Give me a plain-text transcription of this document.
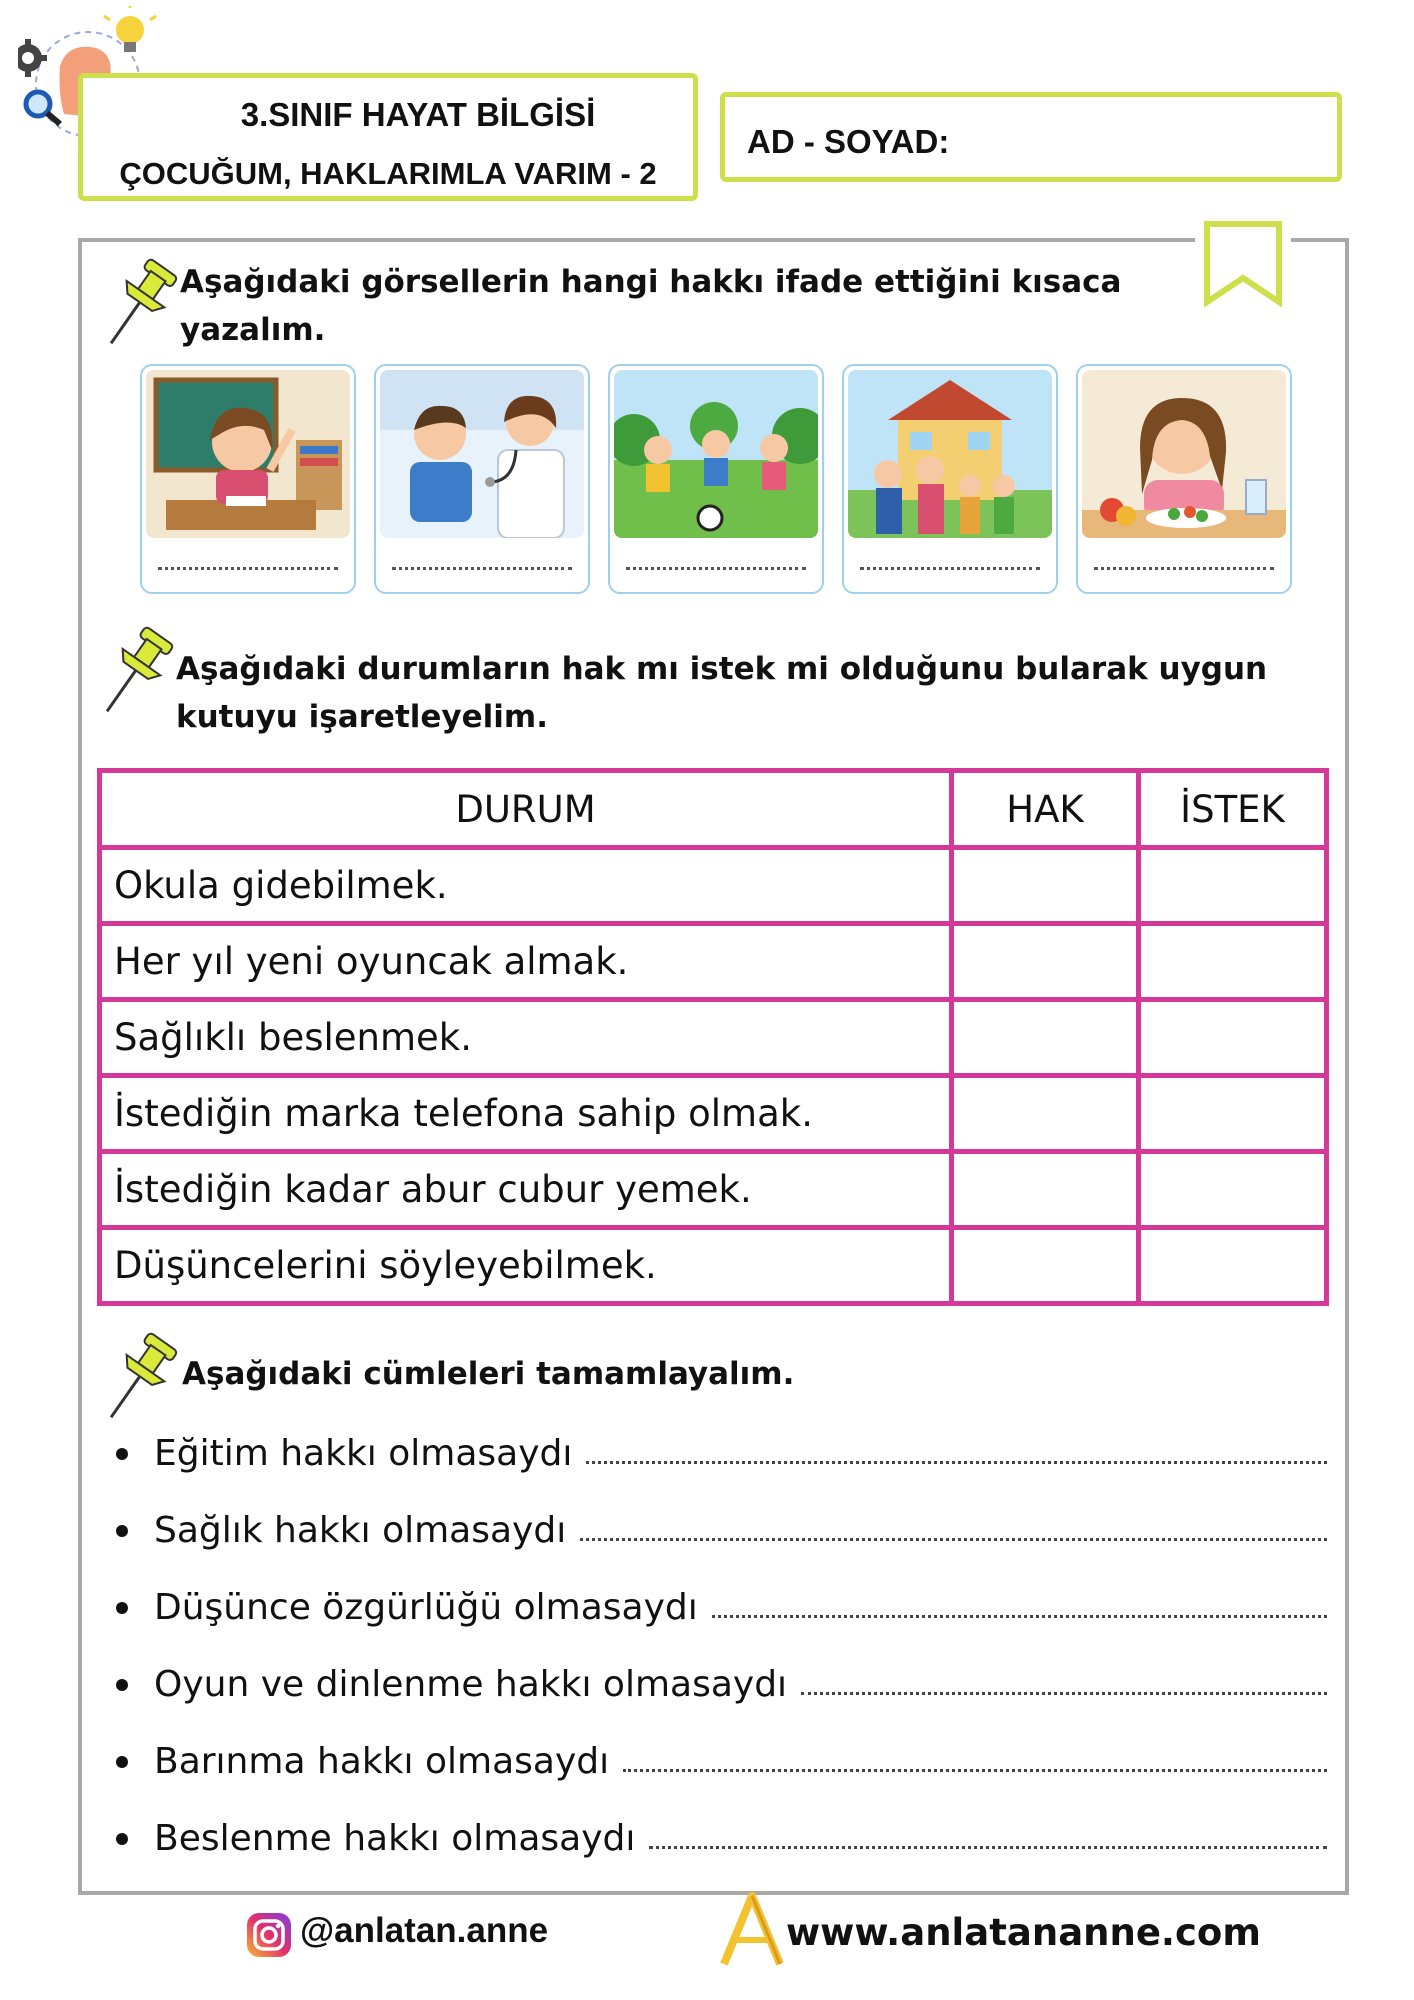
3.SINIF HAYAT BİLGİSİ
ÇOCUĞUM, HAKLARIMLA VARIM - 2
AD - SOYAD:
Aşağıdaki görsellerin hangi hakkı ifade ettiğini kısaca
yazalım.
Aşağıdaki durumların hak mı istek mi olduğunu bularak uygun
kutuyu işaretleyelim.
DURUM	HAK	İSTEK
Okula gidebilmek.		
Her yıl yeni oyuncak almak.		
Sağlıklı beslenmek.		
İstediğin marka telefona sahip olmak.		
İstediğin kadar abur cubur yemek.		
Düşüncelerini söyleyebilmek.		
Aşağıdaki cümleleri tamamlayalım.
Eğitim hakkı olmasaydı
Sağlık hakkı olmasaydı
Düşünce özgürlüğü olmasaydı
Oyun ve dinlenme hakkı olmasaydı
Barınma hakkı olmasaydı
Beslenme hakkı olmasaydı
@anlatan.anne	www.anlatananne.com
